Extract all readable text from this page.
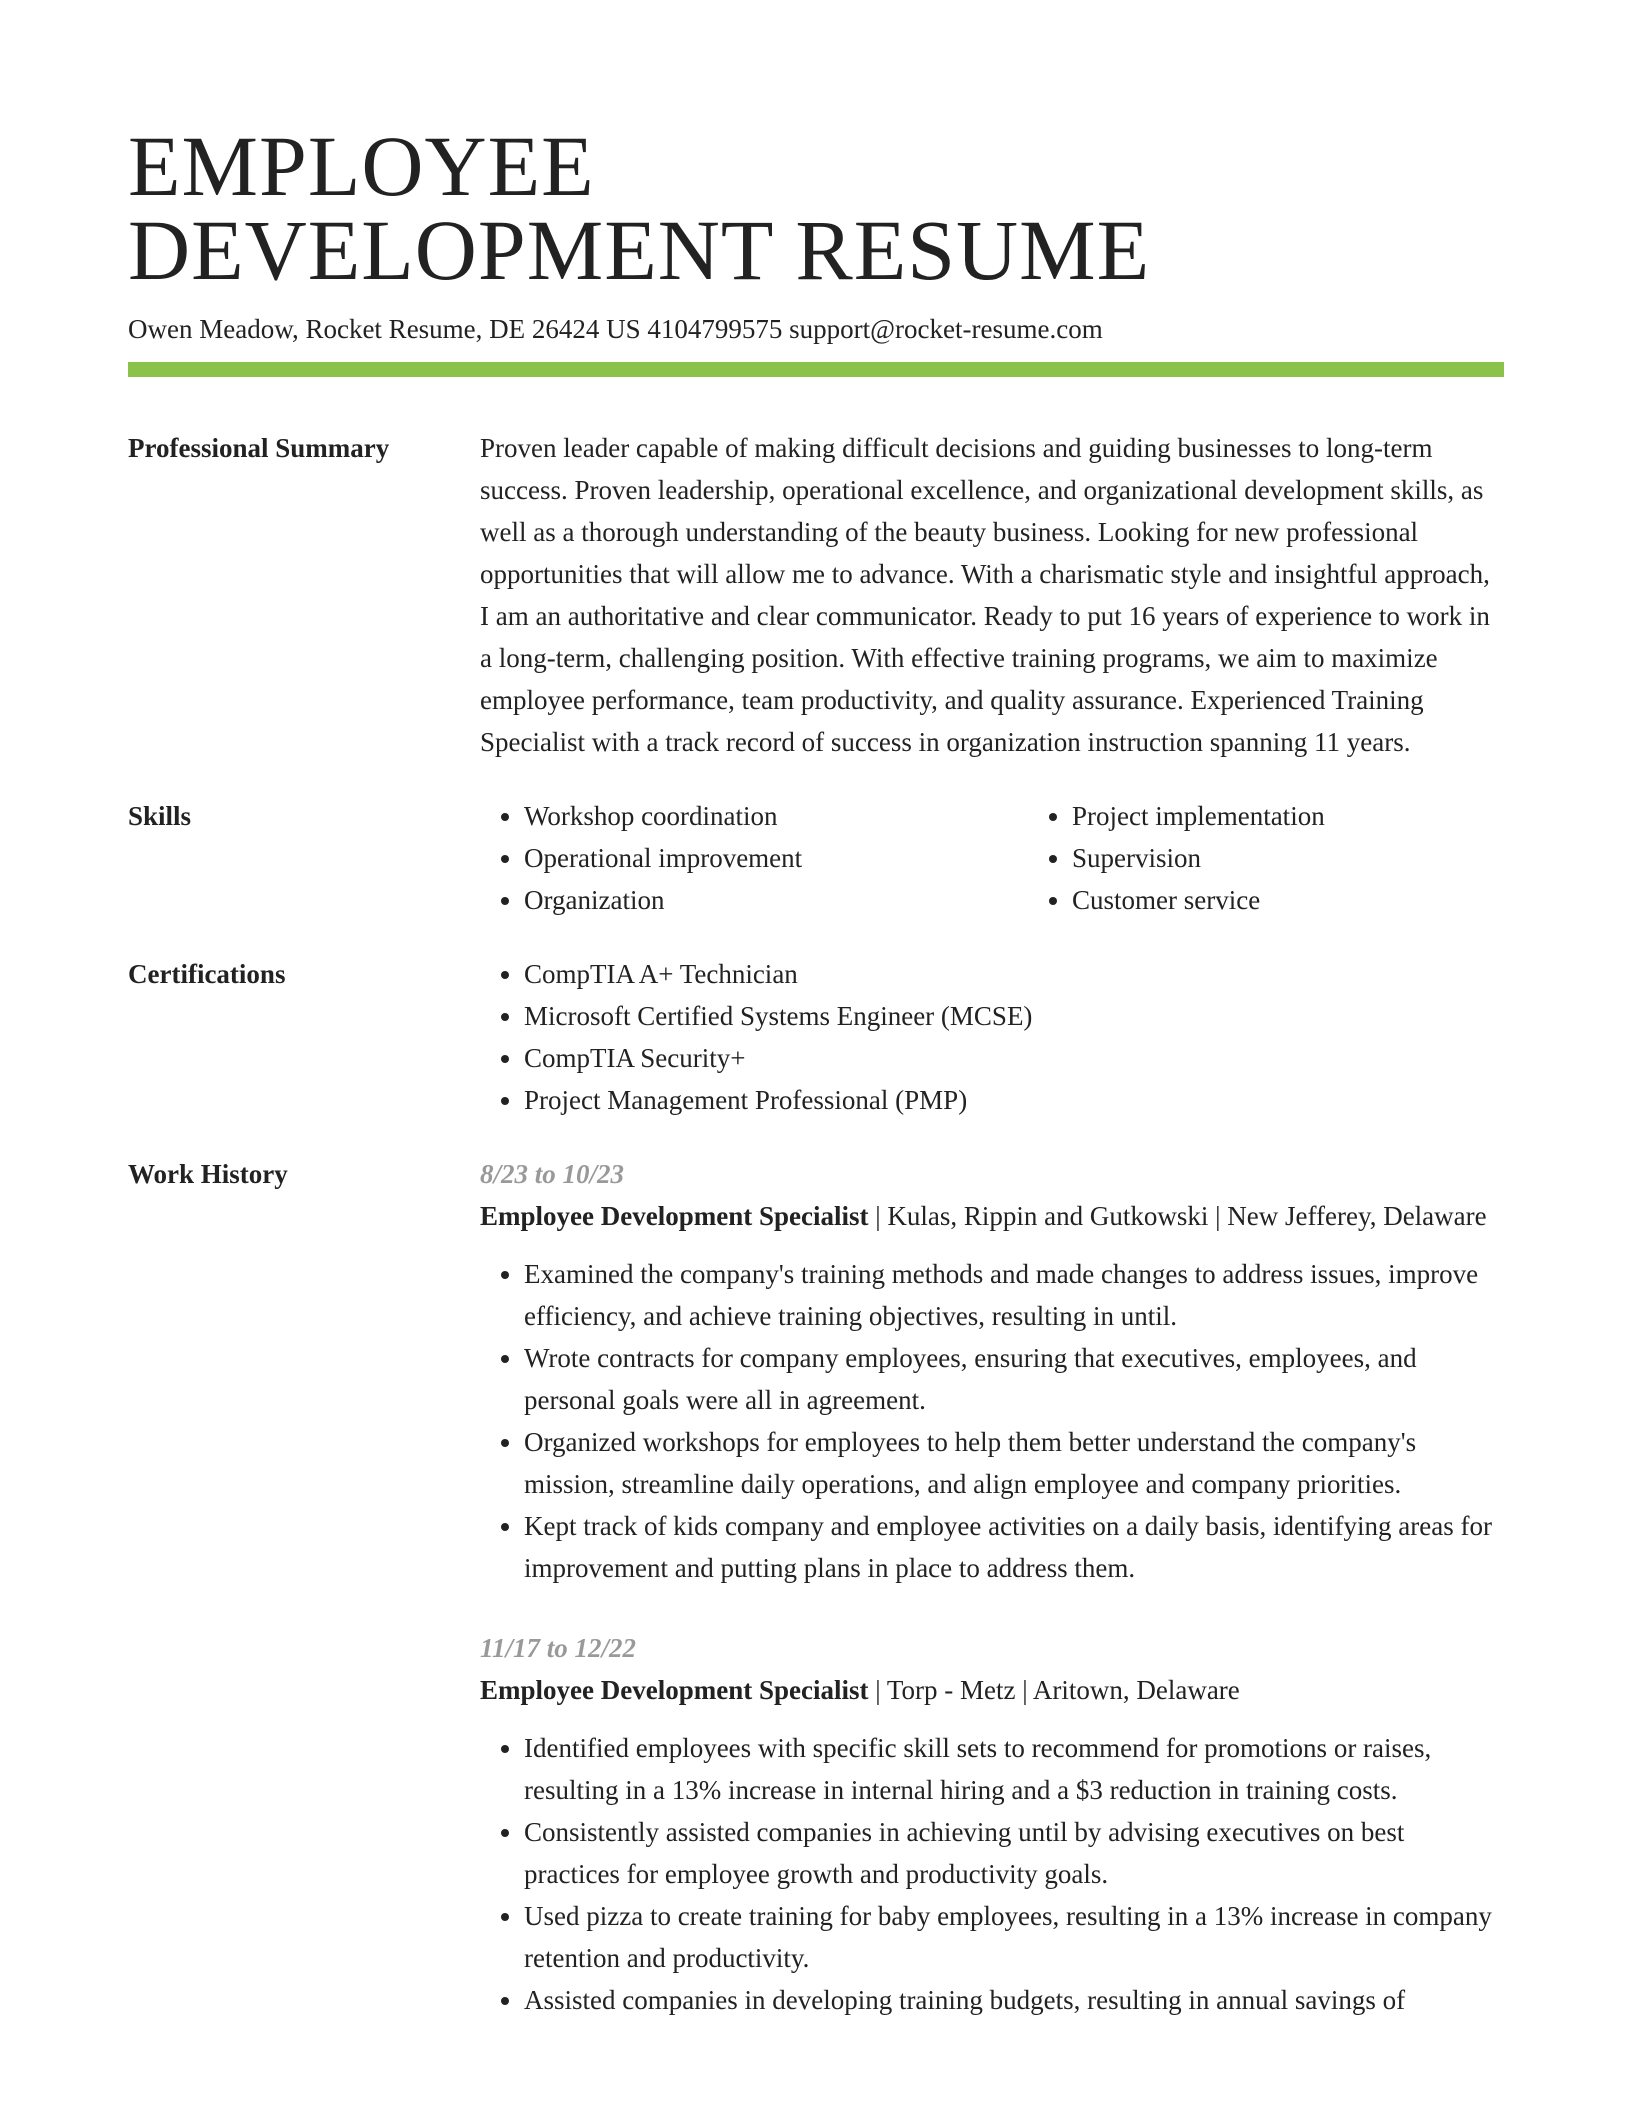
EMPLOYEE
DEVELOPMENT RESUME
Owen Meadow, Rocket Resume, DE 26424 US 4104799575 support@rocket-resume.com
Professional Summary	Proven leader capable of making difficult decisions and guiding businesses to long-term success. Proven leadership, operational excellence, and organizational development skills, as well as a thorough understanding of the beauty business. Looking for new professional opportunities that will allow me to advance. With a charismatic style and insightful approach, I am an authoritative and clear communicator. Ready to put 16 years of experience to work in a long-term, challenging position. With effective training programs, we aim to maximize employee performance, team productivity, and quality assurance. Experienced Training Specialist with a track record of success in organization instruction spanning 11 years.
Skills	• Workshop coordination
• Operational improvement
• Organization
• Project implementation
• Supervision
• Customer service
Certifications	• CompTIA A+ Technician
• Microsoft Certified Systems Engineer (MCSE)
• CompTIA Security+
• Project Management Professional (PMP)
Work History	8/23 to 10/23
Employee Development Specialist | Kulas, Rippin and Gutkowski | New Jefferey, Delaware
• Examined the company's training methods and made changes to address issues, improve efficiency, and achieve training objectives, resulting in until.
• Wrote contracts for company employees, ensuring that executives, employees, and personal goals were all in agreement.
• Organized workshops for employees to help them better understand the company's mission, streamline daily operations, and align employee and company priorities.
• Kept track of kids company and employee activities on a daily basis, identifying areas for improvement and putting plans in place to address them.
11/17 to 12/22
Employee Development Specialist | Torp - Metz | Aritown, Delaware
• Identified employees with specific skill sets to recommend for promotions or raises, resulting in a 13% increase in internal hiring and a $3 reduction in training costs.
• Consistently assisted companies in achieving until by advising executives on best practices for employee growth and productivity goals.
• Used pizza to create training for baby employees, resulting in a 13% increase in company retention and productivity.
• Assisted companies in developing training budgets, resulting in annual savings of
